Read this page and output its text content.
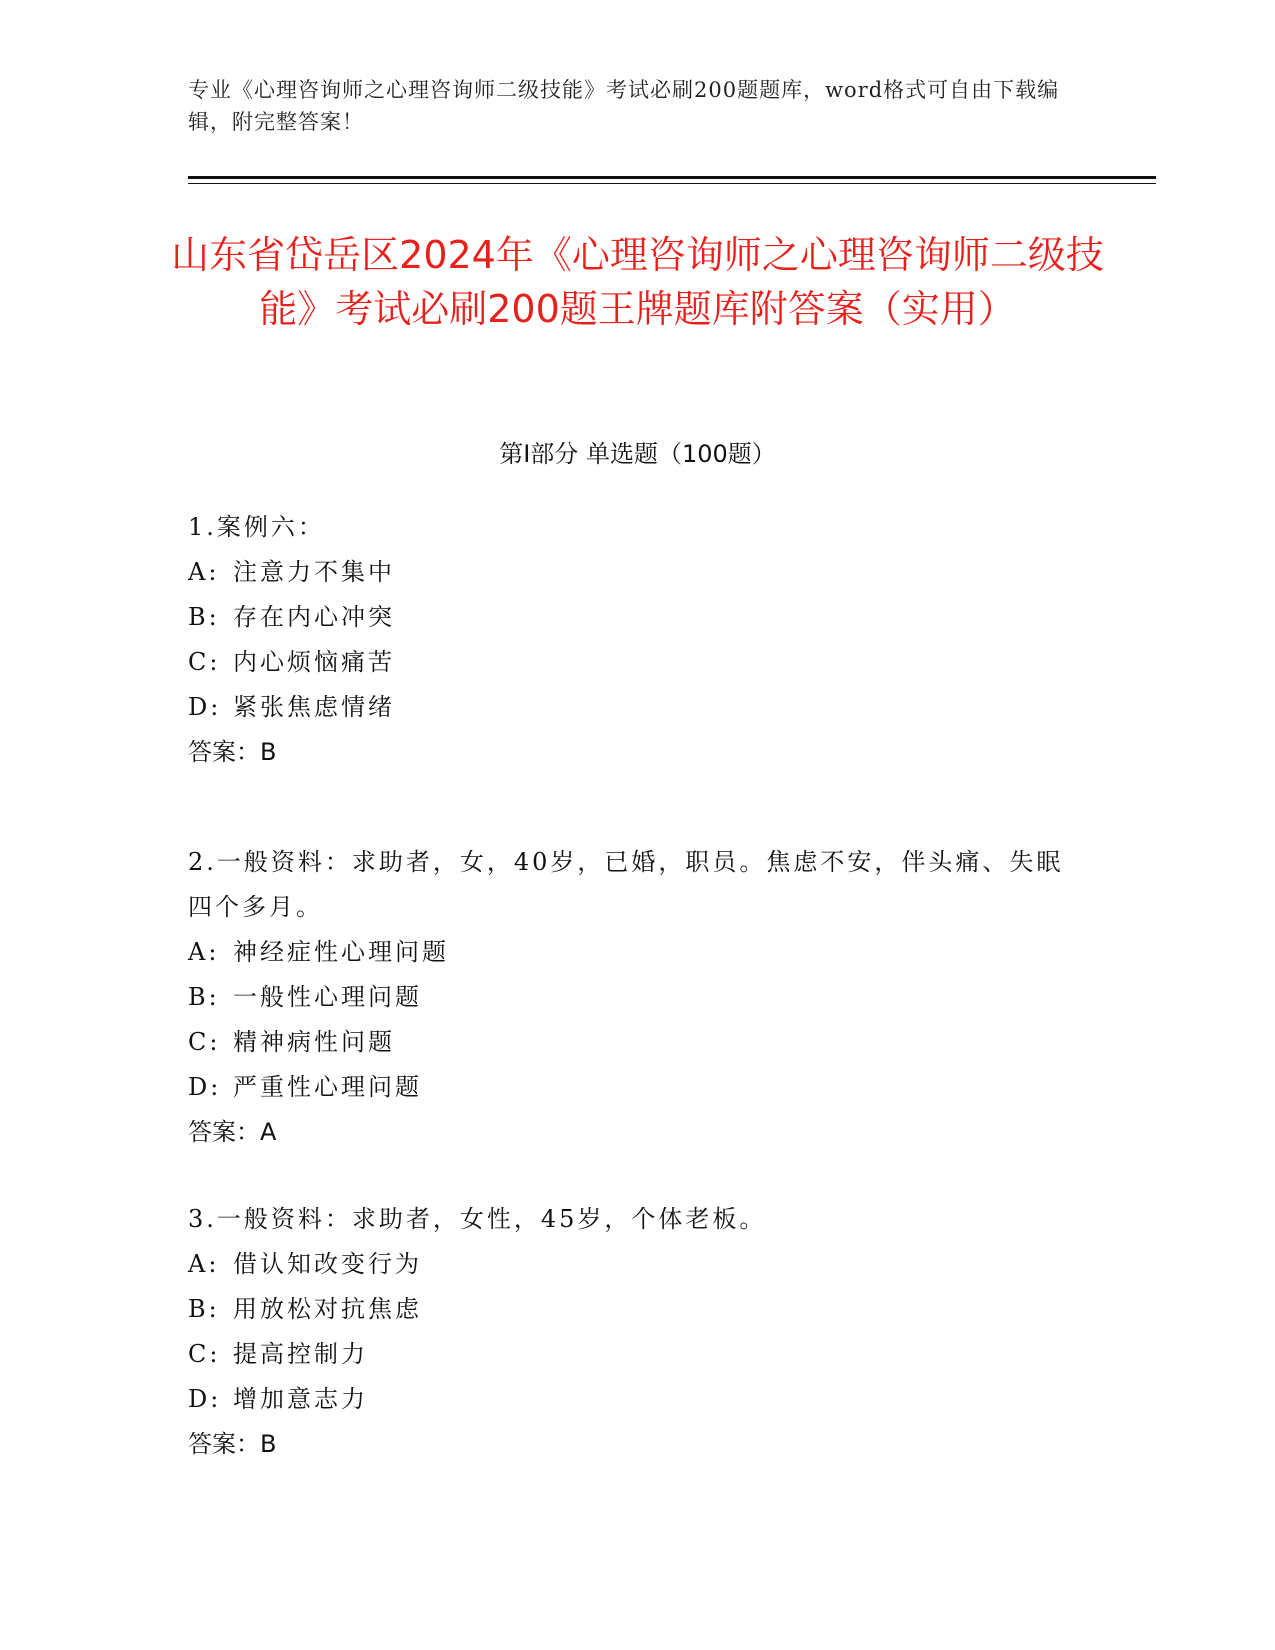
专业《心理咨询师之心理咨询师二级技能》考试必刷200题题库，word格式可自由下载编辑，附完整答案！
山东省岱岳区2024年《心理咨询师之心理咨询师二级技能》考试必刷200题王牌题库附答案（实用）
第Ⅰ部分 单选题（100题）

1.案例六：

A: 注意力不集中

B: 存在内心冲突

C: 内心烦恼痛苦

D: 紧张焦虑情绪

答案：B

2.一般资料：求助者，女，40岁，已婚，职员。焦虑不安，伴头痛、失眠四个多月。

A: 神经症性心理问题

B: 一般性心理问题

C: 精神病性问题

D: 严重性心理问题

答案：A

3.一般资料：求助者，女性，45岁，个体老板。

A: 借认知改变行为

B: 用放松对抗焦虑

C: 提高控制力

D: 增加意志力

答案：B
